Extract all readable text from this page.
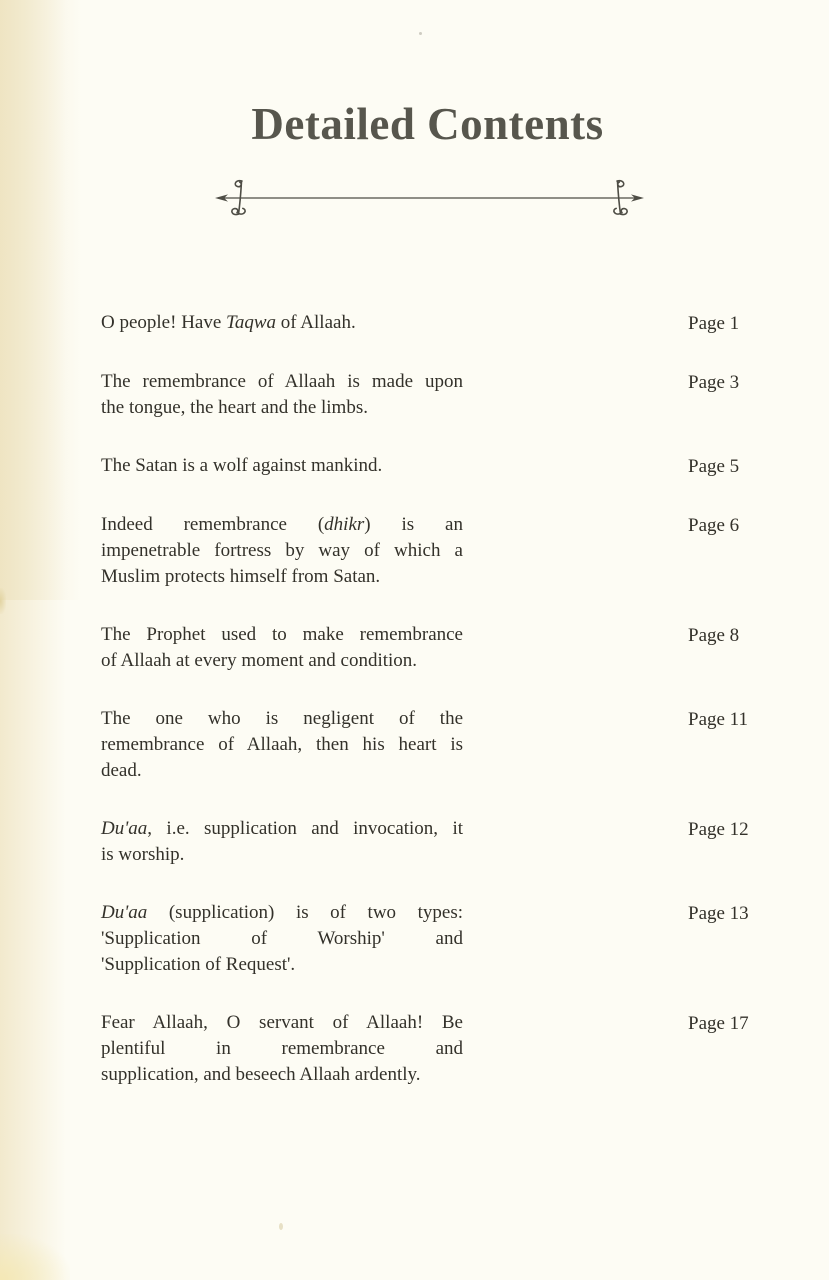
Detailed Contents
O people! Have Taqwa of Allaah.	Page 1
The remembrance of Allaah is made upon
the tongue, the heart and the limbs.
Page 3
The Satan is a wolf against mankind.	Page 5
Indeed remembrance (dhikr) is an
impenetrable fortress by way of which a
Muslim protects himself from Satan.
Page 6
The Prophet used to make remembrance
of Allaah at every moment and condition.
Page 8
The one who is negligent of the
remembrance of Allaah, then his heart is
dead.
Page 11
Du'aa, i.e. supplication and invocation, it
is worship.
Page 12
Du'aa (supplication) is of two types:
'Supplication of Worship' and
'Supplication of Request'.
Page 13
Fear Allaah, O servant of Allaah! Be
plentiful in remembrance and
supplication, and beseech Allaah ardently.
Page 17
